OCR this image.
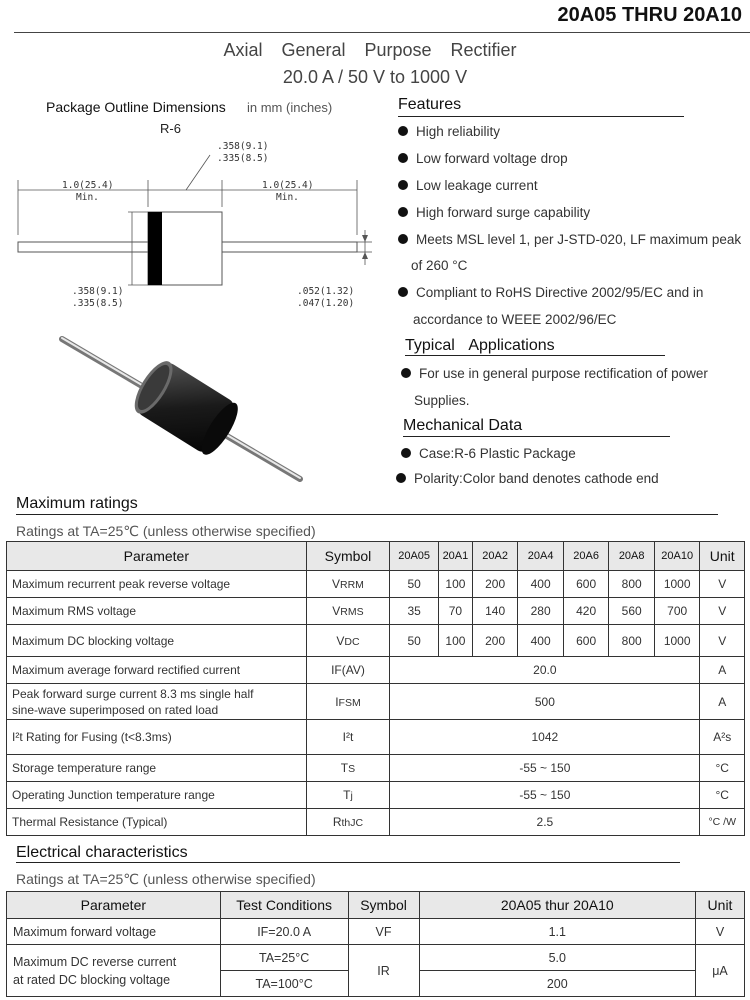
20A05 THRU 20A10
Axial General Purpose Rectifier
20.0 A / 50 V to 1000 V
Package Outline Dimensions in mm (inches)
R-6
.358(9.1)
.335(8.5)
1.0(25.4)
Min.
1.0(25.4)
Min.
.358(9.1)
.335(8.5)
.052(1.32)
.047(1.20)
Features
High reliability
Low forward voltage drop
Low leakage current
High forward surge capability
Meets MSL level 1, per J-STD-020, LF maximum peak
of 260 °C
Compliant to RoHS Directive 2002/95/EC and in
accordance to WEEE 2002/96/EC
Typical Applications
For use in general purpose rectification of power
Supplies.
Mechanical Data
Case:R-6 Plastic Package
Polarity:Color band denotes cathode end
Maximum ratings
Ratings at TA=25℃ (unless otherwise specified)
Parameter	Symbol	20A05	20A1	20A2	20A4	20A6	20A8	20A10	Unit
Maximum recurrent peak reverse voltage	VRRM	50	100	200	400	600	800	1000	V
Maximum RMS voltage	VRMS	35	70	140	280	420	560	700	V
Maximum DC blocking voltage	VDC	50	100	200	400	600	800	1000	V
Maximum average forward rectified current	IF(AV)	20.0							A
Peak forward surge current 8.3 ms single half
sine-wave superimposed on rated load	IFSM	500							A
I²t Rating for Fusing (t<8.3ms)	I²t	1042							A²s
Storage temperature range	TS	-55 ~ 150							°C
Operating Junction temperature range	Tj	-55 ~ 150							°C
Thermal Resistance (Typical)	RthJC	2.5							°C /W
Electrical characteristics
Ratings at TA=25℃ (unless otherwise specified)
Parameter	Test Conditions	Symbol	20A05 thur 20A10	Unit
Maximum forward voltage	IF=20.0 A	VF	1.1	V
Maximum DC reverse current
at rated DC blocking voltage	TA=25°C	IR	5.0	μA
	TA=100°C		200	
